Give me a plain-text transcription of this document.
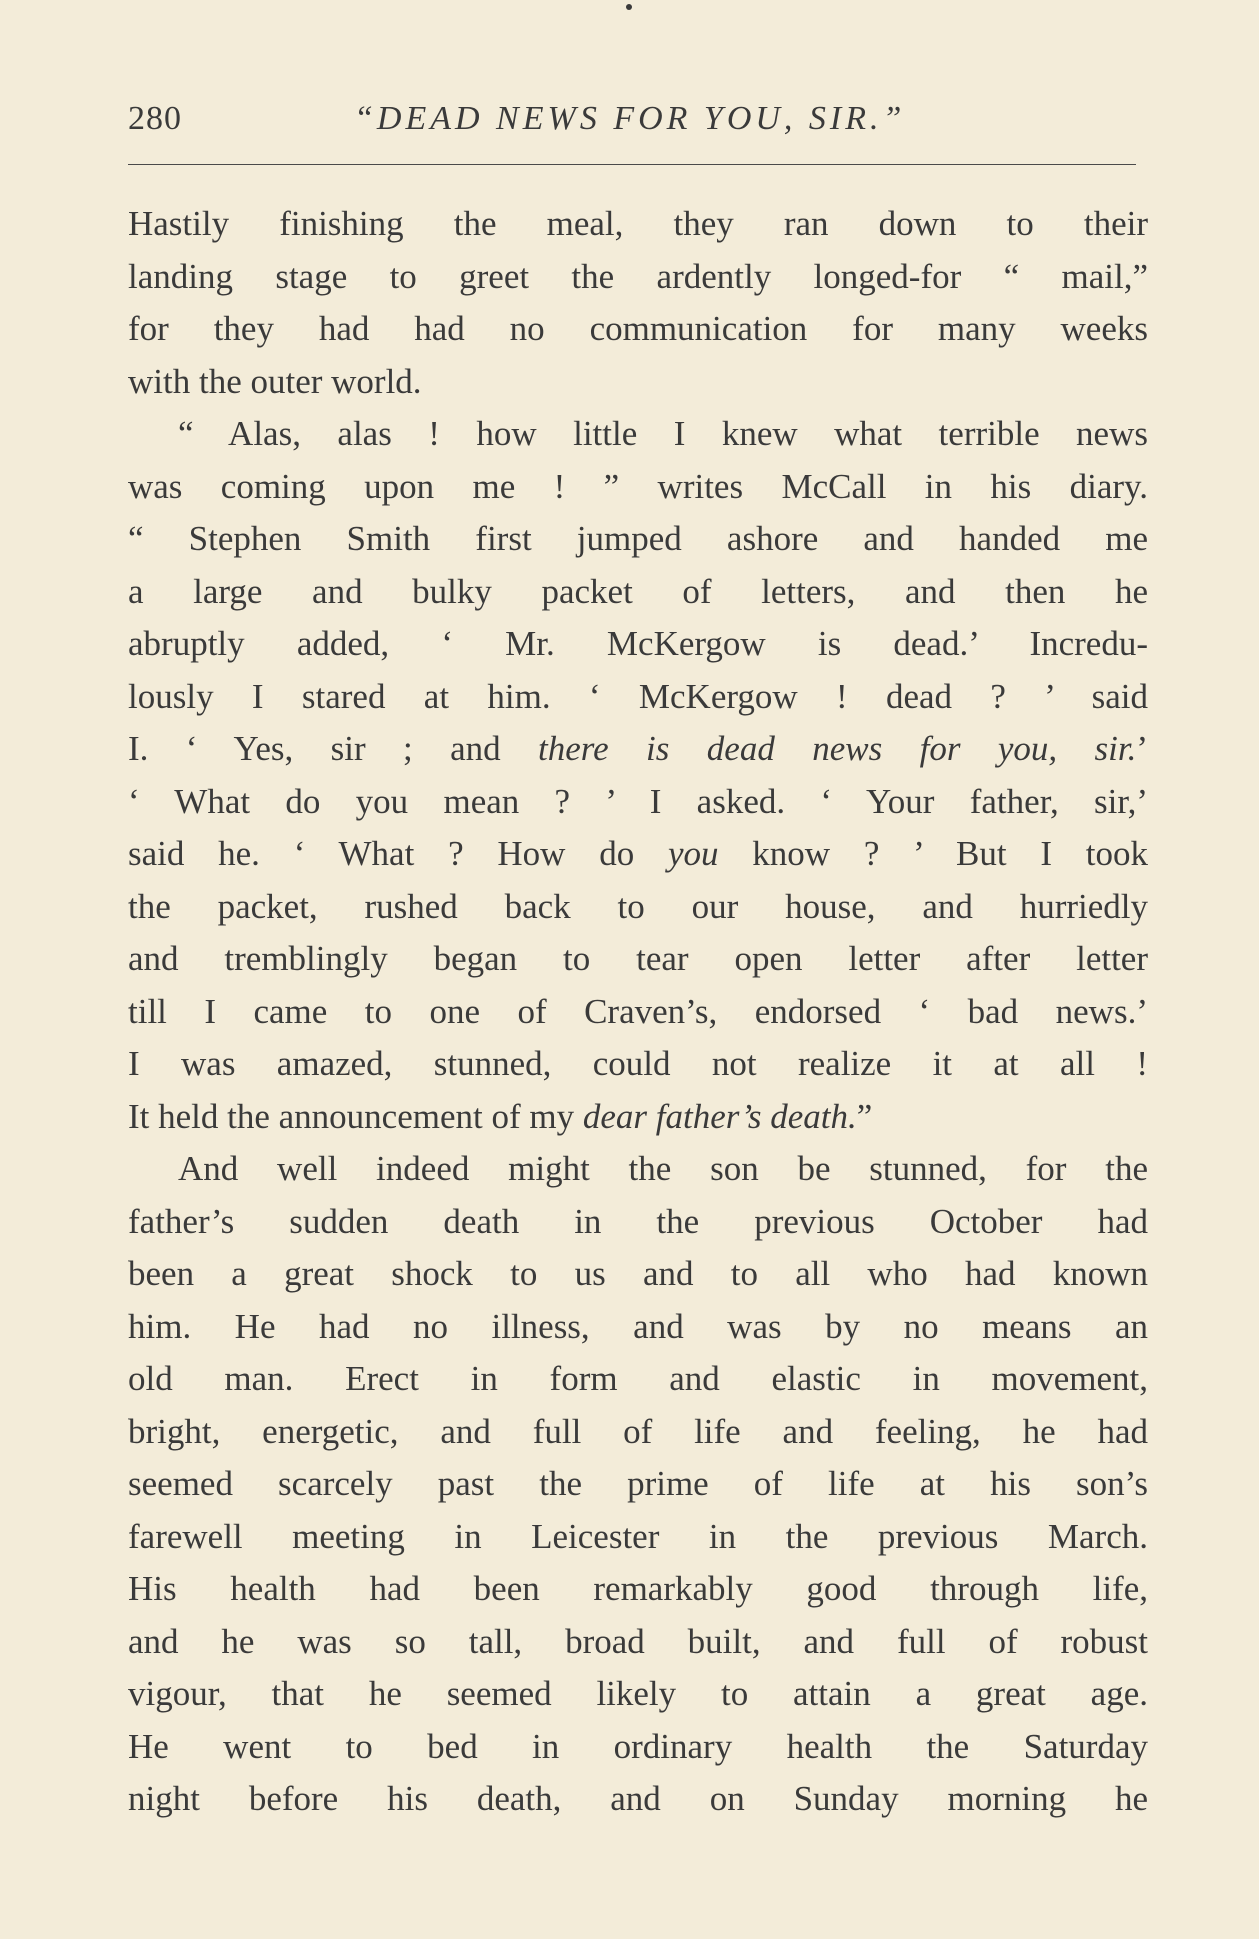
280	“DEAD NEWS FOR YOU, SIR.”
Hastily finishing the meal, they ran down to their
landing stage to greet the ardently longed-for “ mail,”
for they had had no communication for many weeks
with the outer world.
“ Alas, alas ! how little I knew what terrible news
was coming upon me ! ” writes McCall in his diary.
“ Stephen Smith first jumped ashore and handed me
a large and bulky packet of letters, and then he
abruptly added, ‘ Mr. McKergow is dead.’ Incredu-
lously I stared at him. ‘ McKergow ! dead ? ’ said
I. ‘ Yes, sir ; and there is dead news for you, sir.’
‘ What do you mean ? ’ I asked. ‘ Your father, sir,’
said he. ‘ What ? How do you know ? ’ But I took
the packet, rushed back to our house, and hurriedly
and tremblingly began to tear open letter after letter
till I came to one of Craven’s, endorsed ‘ bad news.’
I was amazed, stunned, could not realize it at all !
It held the announcement of my dear father’s death.”
And well indeed might the son be stunned, for the
father’s sudden death in the previous October had
been a great shock to us and to all who had known
him. He had no illness, and was by no means an
old man. Erect in form and elastic in movement,
bright, energetic, and full of life and feeling, he had
seemed scarcely past the prime of life at his son’s
farewell meeting in Leicester in the previous March.
His health had been remarkably good through life,
and he was so tall, broad built, and full of robust
vigour, that he seemed likely to attain a great age.
He went to bed in ordinary health the Saturday
night before his death, and on Sunday morning he
